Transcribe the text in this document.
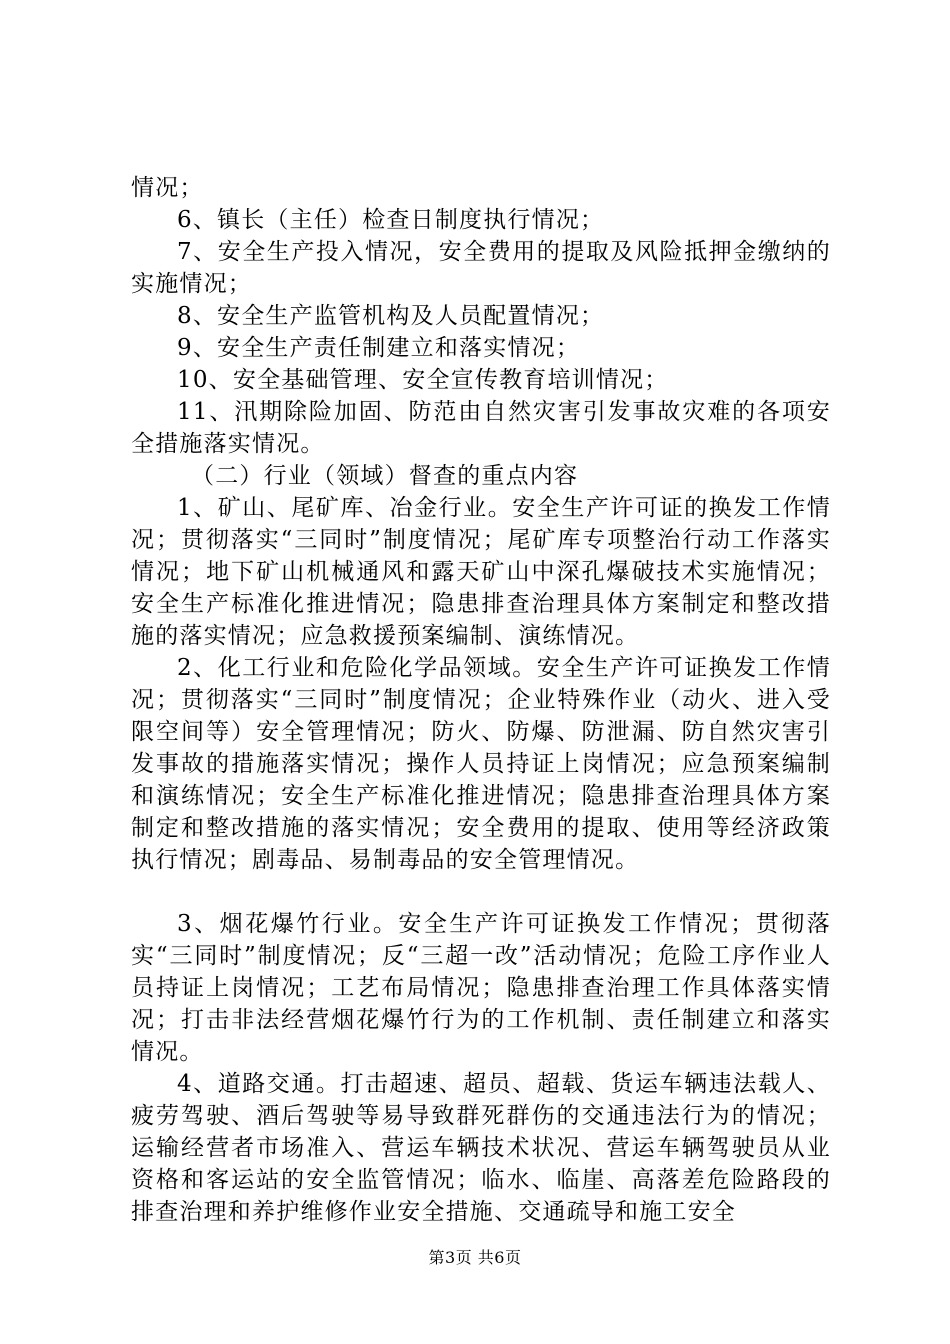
情况；

6、镇长（主任）检查日制度执行情况；

7、安全生产投入情况，安全费用的提取及风险抵押金缴纳的实施情况；

8、安全生产监管机构及人员配置情况；

9、安全生产责任制建立和落实情况；

10、安全基础管理、安全宣传教育培训情况；

11、汛期除险加固、防范由自然灾害引发事故灾难的各项安全措施落实情况。

（二）行业（领域）督查的重点内容

1、矿山、尾矿库、冶金行业。安全生产许可证的换发工作情况；贯彻落实“三同时”制度情况；尾矿库专项整治行动工作落实情况；地下矿山机械通风和露天矿山中深孔爆破技术实施情况；安全生产标准化推进情况；隐患排查治理具体方案制定和整改措施的落实情况；应急救援预案编制、演练情况。

2、化工行业和危险化学品领域。安全生产许可证换发工作情况；贯彻落实“三同时”制度情况；企业特殊作业（动火、进入受限空间等）安全管理情况；防火、防爆、防泄漏、防自然灾害引发事故的措施落实情况；操作人员持证上岗情况；应急预案编制和演练情况；安全生产标准化推进情况；隐患排查治理具体方案制定和整改措施的落实情况；安全费用的提取、使用等经济政策执行情况；剧毒品、易制毒品的安全管理情况。

3、烟花爆竹行业。安全生产许可证换发工作情况；贯彻落实“三同时”制度情况；反“三超一改”活动情况；危险工序作业人员持证上岗情况；工艺布局情况；隐患排查治理工作具体落实情况；打击非法经营烟花爆竹行为的工作机制、责任制建立和落实情况。

4、道路交通。打击超速、超员、超载、货运车辆违法载人、疲劳驾驶、酒后驾驶等易导致群死群伤的交通违法行为的情况；运输经营者市场准入、营运车辆技术状况、营运车辆驾驶员从业资格和客运站的安全监管情况；临水、临崖、高落差危险路段的排查治理和养护维修作业安全措施、交通疏导和施工安全

第3页 共6页
